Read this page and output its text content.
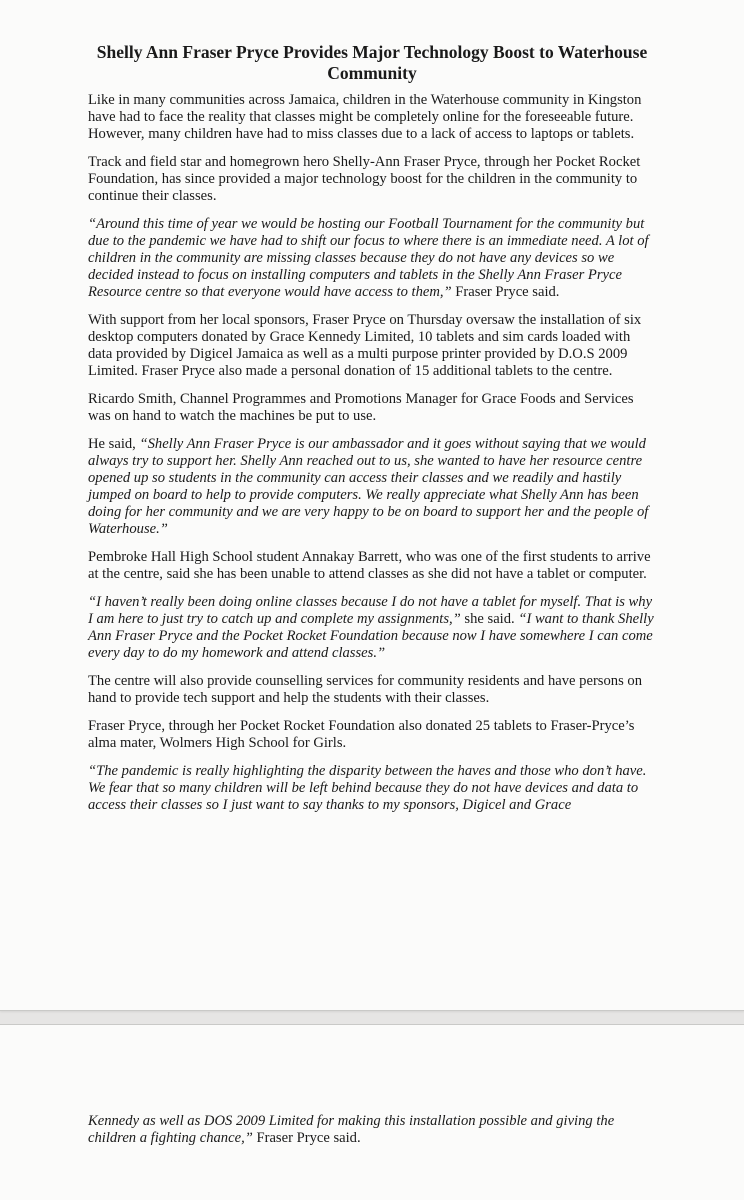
Shelly Ann Fraser Pryce Provides Major Technology Boost to Waterhouse Community

Like in many communities across Jamaica, children in the Waterhouse community in Kingston have had to face the reality that classes might be completely online for the foreseeable future. However, many children have had to miss classes due to a lack of access to laptops or tablets.

Track and field star and homegrown hero Shelly-Ann Fraser Pryce, through her Pocket Rocket Foundation, has since provided a major technology boost for the children in the community to continue their classes.

“Around this time of year we would be hosting our Football Tournament for the community but due to the pandemic we have had to shift our focus to where there is an immediate need. A lot of children in the community are missing classes because they do not have any devices so we decided instead to focus on installing computers and tablets in the Shelly Ann Fraser Pryce Resource centre so that everyone would have access to them,” Fraser Pryce said.

With support from her local sponsors, Fraser Pryce on Thursday oversaw the installation of six desktop computers donated by Grace Kennedy Limited, 10 tablets and sim cards loaded with data provided by Digicel Jamaica as well as a multi purpose printer provided by D.O.S 2009 Limited. Fraser Pryce also made a personal donation of 15 additional tablets to the centre.

Ricardo Smith, Channel Programmes and Promotions Manager for Grace Foods and Services was on hand to watch the machines be put to use.

He said, “Shelly Ann Fraser Pryce is our ambassador and it goes without saying that we would always try to support her. Shelly Ann reached out to us, she wanted to have her resource centre opened up so students in the community can access their classes and we readily and hastily jumped on board to help to provide computers. We really appreciate what Shelly Ann has been doing for her community and we are very happy to be on board to support her and the people of Waterhouse.”

Pembroke Hall High School student Annakay Barrett, who was one of the first students to arrive at the centre, said she has been unable to attend classes as she did not have a tablet or computer.

“I haven’t really been doing online classes because I do not have a tablet for myself. That is why I am here to just try to catch up and complete my assignments,” she said. “I want to thank Shelly Ann Fraser Pryce and the Pocket Rocket Foundation because now I have somewhere I can come every day to do my homework and attend classes.”

The centre will also provide counselling services for community residents and have persons on hand to provide tech support and help the students with their classes.

Fraser Pryce, through her Pocket Rocket Foundation also donated 25 tablets to Fraser-Pryce’s alma mater, Wolmers High School for Girls.

“The pandemic is really highlighting the disparity between the haves and those who don’t have. We fear that so many children will be left behind because they do not have devices and data to access their classes so I just want to say thanks to my sponsors, Digicel and Grace

Kennedy as well as DOS 2009 Limited for making this installation possible and giving the children a fighting chance,” Fraser Pryce said.
